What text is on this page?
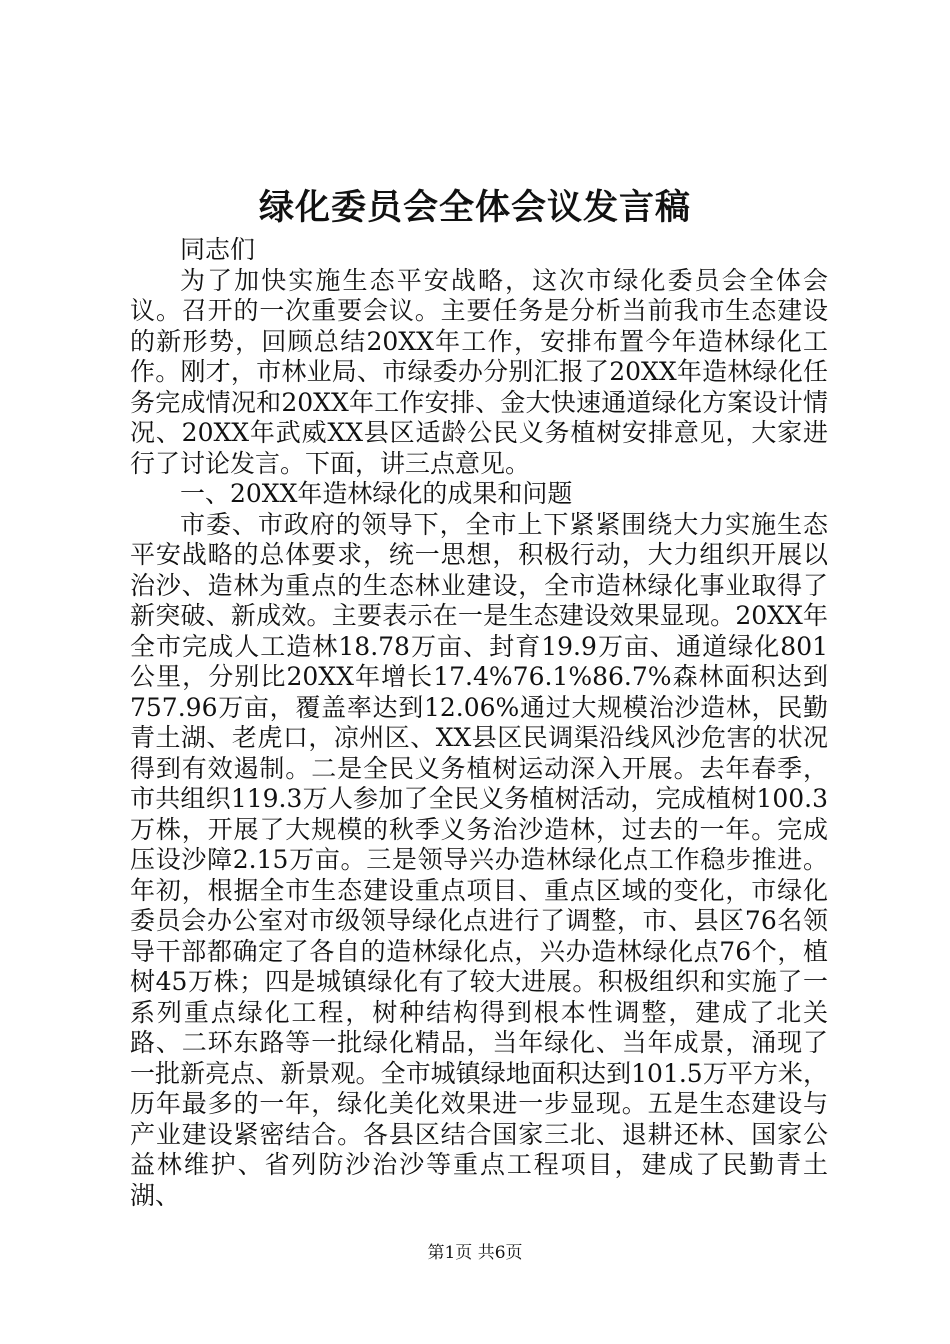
绿化委员会全体会议发言稿

同志们

为了加快实施生态平安战略，这次市绿化委员会全体会议。召开的一次重要会议。主要任务是分析当前我市生态建设的新形势，回顾总结20XX年工作，安排布置今年造林绿化工作。刚才，市林业局、市绿委办分别汇报了20XX年造林绿化任务完成情况和20XX年工作安排、金大快速通道绿化方案设计情况、20XX年武威XX县区适龄公民义务植树安排意见，大家进行了讨论发言。下面，讲三点意见。

一、20XX年造林绿化的成果和问题

市委、市政府的领导下，全市上下紧紧围绕大力实施生态平安战略的总体要求，统一思想，积极行动，大力组织开展以治沙、造林为重点的生态林业建设，全市造林绿化事业取得了新突破、新成效。主要表示在一是生态建设效果显现。20XX年全市完成人工造林18.78万亩、封育19.9万亩、通道绿化801公里，分别比20XX年增长17.4%76.1%86.7%森林面积达到757.96万亩，覆盖率达到12.06%通过大规模治沙造林，民勤青土湖、老虎口，凉州区、XX县区民调渠沿线风沙危害的状况得到有效遏制。二是全民义务植树运动深入开展。去年春季，市共组织119.3万人参加了全民义务植树活动，完成植树100.3万株，开展了大规模的秋季义务治沙造林，过去的一年。完成压设沙障2.15万亩。三是领导兴办造林绿化点工作稳步推进。年初，根据全市生态建设重点项目、重点区域的变化，市绿化委员会办公室对市级领导绿化点进行了调整，市、县区76名领导干部都确定了各自的造林绿化点，兴办造林绿化点76个，植树45万株；四是城镇绿化有了较大进展。积极组织和实施了一系列重点绿化工程，树种结构得到根本性调整，建成了北关路、二环东路等一批绿化精品，当年绿化、当年成景，涌现了一批新亮点、新景观。全市城镇绿地面积达到101.5万平方米，历年最多的一年，绿化美化效果进一步显现。五是生态建设与产业建设紧密结合。各县区结合国家三北、退耕还林、国家公益林维护、省列防沙治沙等重点工程项目，建成了民勤青土湖、

第1页 共6页
